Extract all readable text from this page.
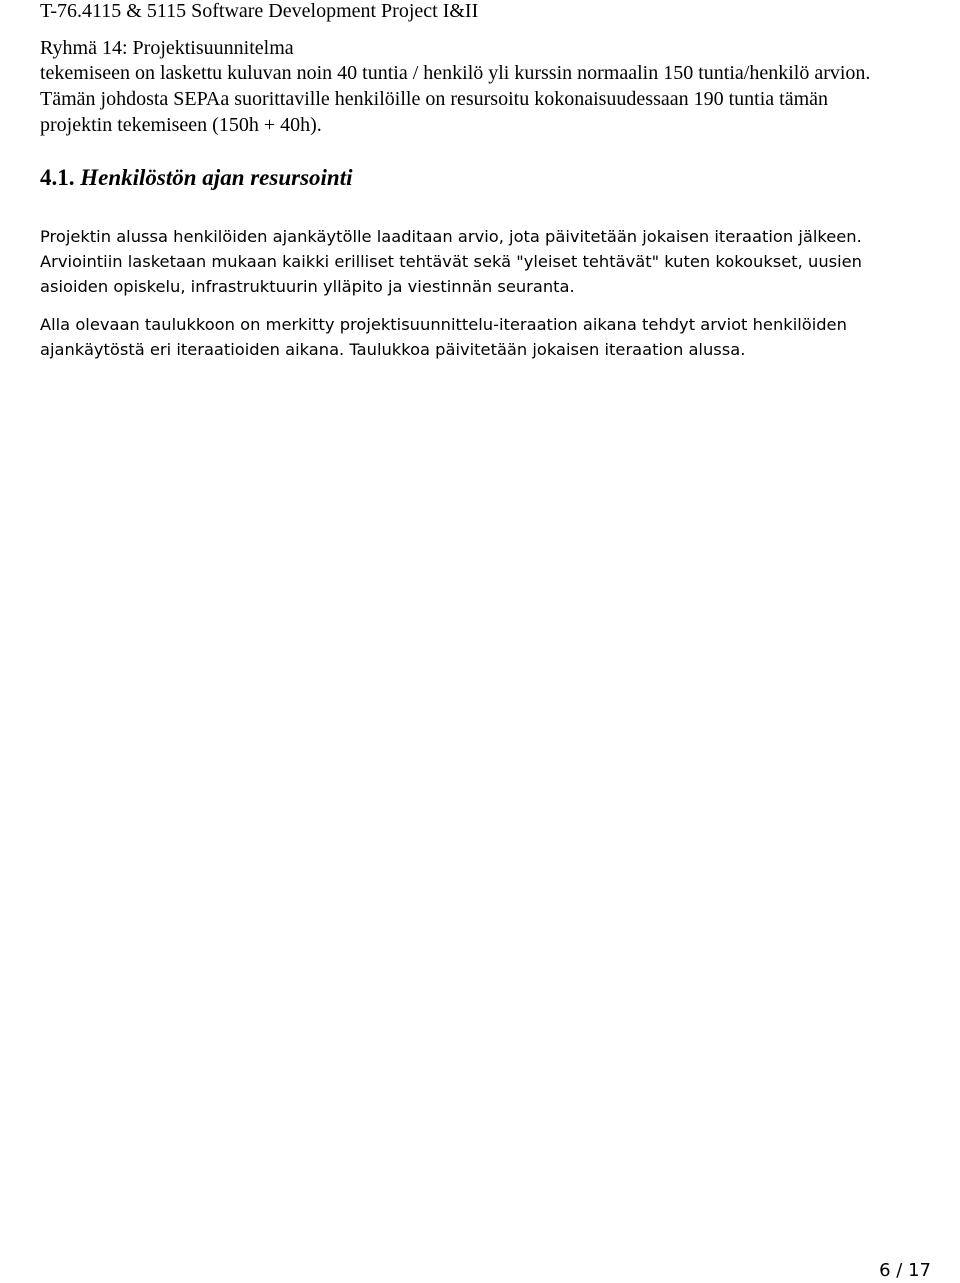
T-76.4115 & 5115 Software Development Project I&II
Ryhmä 14: Projektisuunnitelma
tekemiseen on laskettu kuluvan noin 40 tuntia / henkilö yli kurssin normaalin 150 tuntia/henkilö arvion.
Tämän johdosta SEPAa suorittaville henkilöille on resursoitu kokonaisuudessaan 190 tuntia tämän
projektin tekemiseen (150h + 40h).
4.1. Henkilöstön ajan resursointi
Projektin alussa henkilöiden ajankäytölle laaditaan arvio, jota päivitetään jokaisen iteraation jälkeen.
Arviointiin lasketaan mukaan kaikki erilliset tehtävät sekä "yleiset tehtävät" kuten kokoukset, uusien
asioiden opiskelu, infrastruktuurin ylläpito ja viestinnän seuranta.
Alla olevaan taulukkoon on merkitty projektisuunnittelu-iteraation aikana tehdyt arviot henkilöiden
ajankäytöstä eri iteraatioiden aikana. Taulukkoa päivitetään jokaisen iteraation alussa.
6 / 17
